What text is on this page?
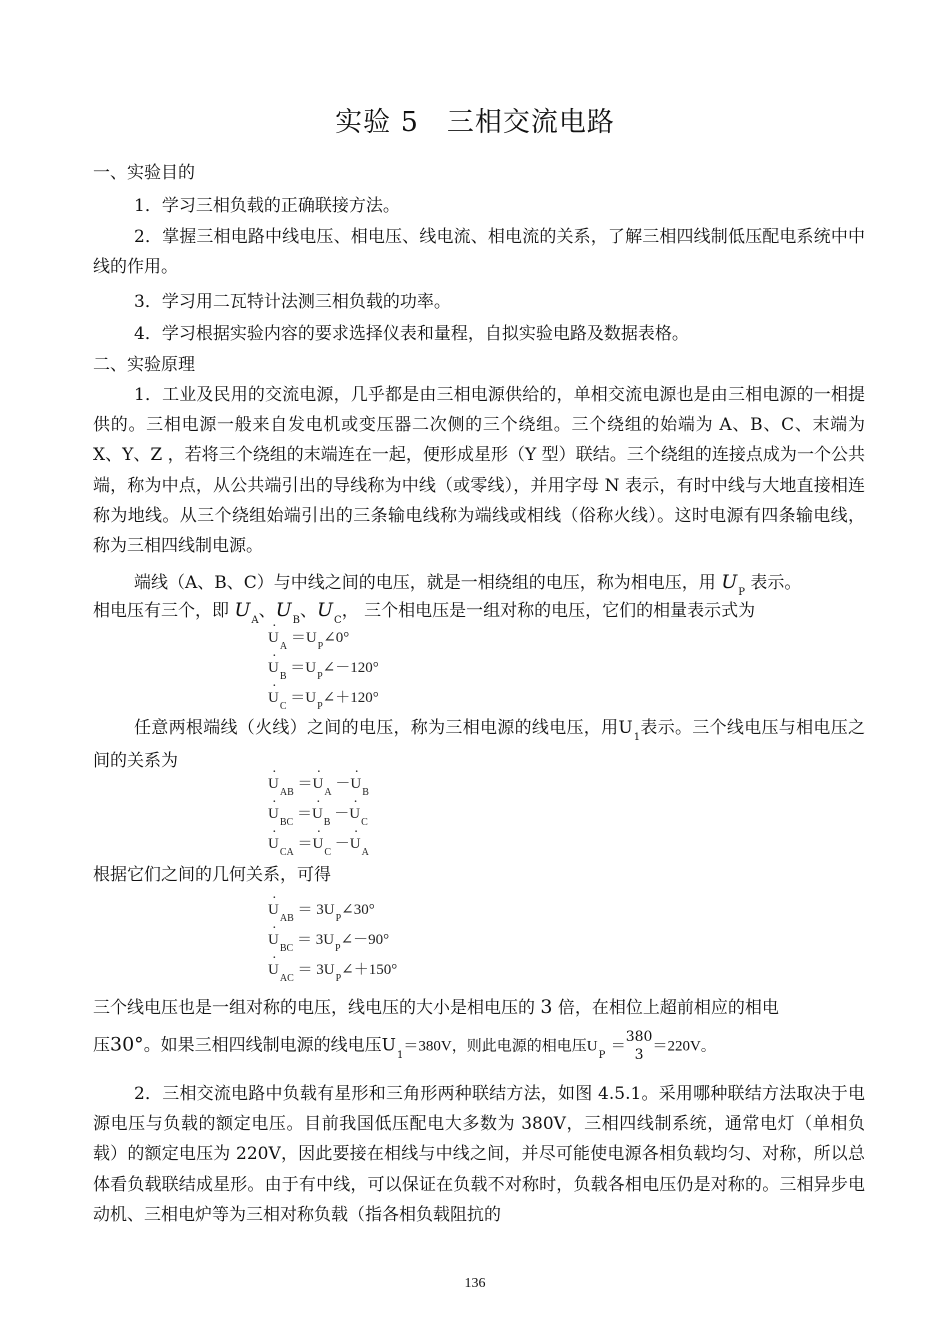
实验 5　三相交流电路
一、实验目的
1．学习三相负载的正确联接方法。
2．掌握三相电路中线电压、相电压、线电流、相电流的关系，了解三相四线制低压配电系统中中线的作用。
3．学习用二瓦特计法测三相负载的功率。
4．学习根据实验内容的要求选择仪表和量程，自拟实验电路及数据表格。
二、实验原理
1．工业及民用的交流电源，几乎都是由三相电源供给的，单相交流电源也是由三相电源的一相提供的。三相电源一般来自发电机或变压器二次侧的三个绕组。三个绕组的始端为 A、B、C、末端为 X、Y、Z ，若将三个绕组的末端连在一起，便形成星形（Y 型）联结。三个绕组的连接点成为一个公共端，称为中点，从公共端引出的导线称为中线（或零线），并用字母 N 表示，有时中线与大地直接相连称为地线。从三个绕组始端引出的三条输电线称为端线或相线（俗称火线）。这时电源有四条输电线，称为三相四线制电源。
端线（A、B、C）与中线之间的电压，就是一相绕组的电压，称为相电压，用 $U_P$ 表示。
相电压有三个，即 $U_A$、$U_B$、$U_C$， 三个相电压是一组对称的电压，它们的相量表示式为
· $U_A$ $=U_P\angle 0^\circ$
· $U_B$ $=U_P\angle-120^\circ$
· $U_C$ $=U_P\angle+120^\circ$
任意两根端线（火线）之间的电压，称为三相电源的线电压，用$U_1$表示。三个线电压与相电压之间的关系为
· $U_{AB} =\cdot U_A -\cdot U_B$
· $U_{BC} =\cdot U_B -\cdot U_C$
· $U_{CA} =\cdot U_C -\cdot U_A$
根据它们之间的几何关系，可得
· $U_{AB}$ ＝ $3U_P\angle 30^\circ$
· $U_{BC}$ ＝ $3U_P\angle-90^\circ$
· $U_{AC}$ ＝ $3U_P\angle+150^\circ$
三个线电压也是一组对称的电压，线电压的大小是相电压的 3 倍，在相位上超前相应的相电
压30°。如果三相四线制电源的线电压$U_1=380V$，则此电源的相电压$U_P$ ＝
380
3
＝220V。
2．三相交流电路中负载有星形和三角形两种联结方法，如图 4.5.1。采用哪种联结方法取决于电源电压与负载的额定电压。目前我国低压配电大多数为 380V，三相四线制系统，通常电灯（单相负载）的额定电压为 220V，因此要接在相线与中线之间，并尽可能使电源各相负载均匀、对称，所以总体看负载联结成星形。由于有中线，可以保证在负载不对称时，负载各相电压仍是对称的。三相异步电动机、三相电炉等为三相对称负载（指各相负载阻抗的
136
